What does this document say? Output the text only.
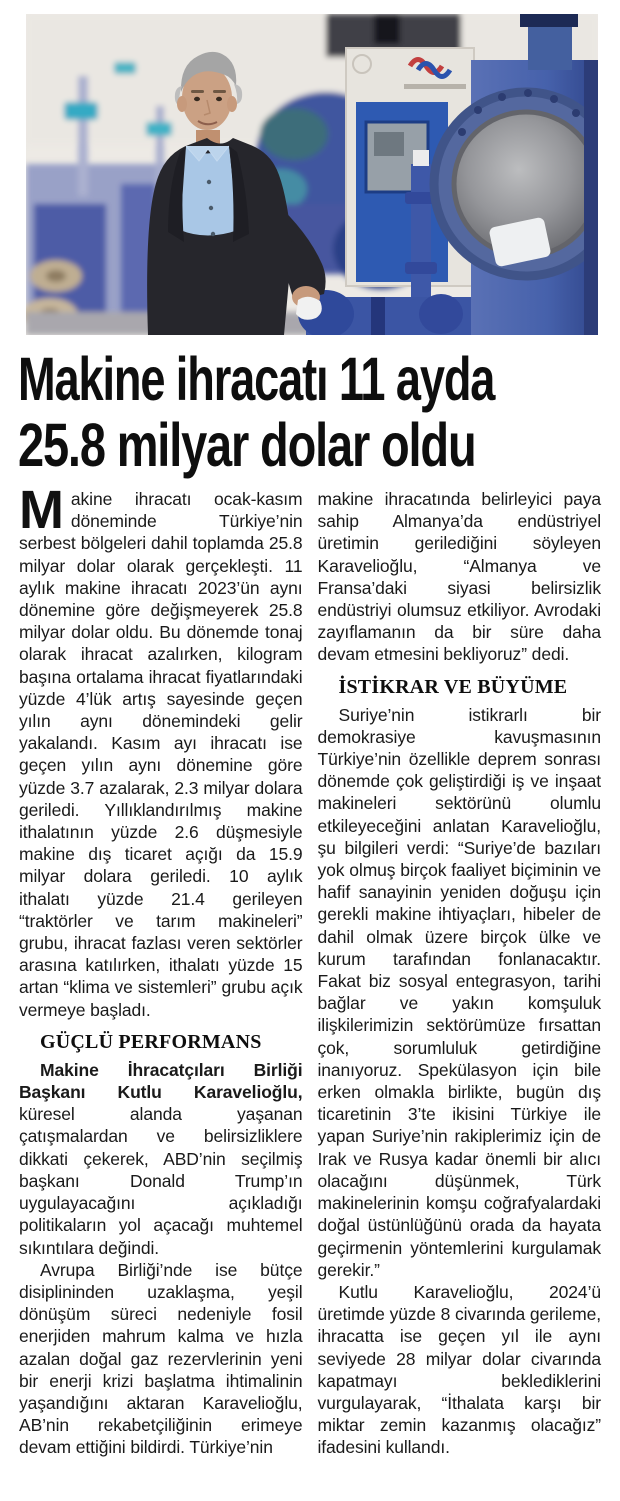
Makine ihracatı 11 ayda
25.8 milyar dolar oldu

Makine ihracatı ocak-kasım döneminde Türkiye’nin serbest bölgeleri dahil toplamda 25.8 milyar dolar olarak gerçekleşti. 11 aylık makine ihracatı 2023’ün aynı dönemine göre değişmeyerek 25.8 milyar dolar oldu. Bu dönemde tonaj olarak ihracat azalırken, kilogram başına ortalama ihracat fiyatlarındaki yüzde 4’lük artış sayesinde geçen yılın aynı dönemindeki gelir yakalandı. Kasım ayı ihracatı ise geçen yılın aynı dönemine göre yüzde 3.7 azalarak, 2.3 milyar dolara geriledi. Yıllıklandırılmış makine ithalatının yüzde 2.6 düşmesiyle makine dış ticaret açığı da 15.9 milyar dolara geriledi. 10 aylık ithalatı yüzde 21.4 gerileyen “traktörler ve tarım makineleri” grubu, ihracat fazlası veren sektörler arasına katılırken, ithalatı yüzde 15 artan “klima ve sistemleri” grubu açık vermeye başladı.

GÜÇLÜ PERFORMANS

Makine İhracatçıları Birliği Başkanı Kutlu Karavelioğlu, küresel alanda yaşanan çatışmalardan ve belirsizliklere dikkati çekerek, ABD’nin seçilmiş başkanı Donald Trump’ın uygulayacağını açıkladığı politikaların yol açacağı muhtemel sıkıntılara değindi.

Avrupa Birliği’nde ise bütçe disiplininden uzaklaşma, yeşil dönüşüm süreci nedeniyle fosil enerjiden mahrum kalma ve hızla azalan doğal gaz rezervlerinin yeni bir enerji krizi başlatma ihtimalinin yaşandığını aktaran Karavelioğlu, AB’nin rekabetçiliğinin erimeye devam ettiğini bildirdi. Türkiye’nin

makine ihracatında belirleyici paya sahip Almanya’da endüstriyel üretimin gerilediğini söyleyen Karavelioğlu, “Almanya ve Fransa’daki siyasi belirsizlik endüstriyi olumsuz etkiliyor. Avrodaki zayıflamanın da bir süre daha devam etmesini bekliyoruz” dedi.

İSTİKRAR VE BÜYÜME

Suriye’nin istikrarlı bir demokrasiye kavuşmasının Türkiye’nin özellikle deprem sonrası dönemde çok geliştirdiği iş ve inşaat makineleri sektörünü olumlu etkileyeceğini anlatan Karavelioğlu, şu bilgileri verdi: “Suriye’de bazıları yok olmuş birçok faaliyet biçiminin ve hafif sanayinin yeniden doğuşu için gerekli makine ihtiyaçları, hibeler de dahil olmak üzere birçok ülke ve kurum tarafından fonlanacaktır. Fakat biz sosyal entegrasyon, tarihi bağlar ve yakın komşuluk ilişkilerimizin sektörümüze fırsattan çok, sorumluluk getirdiğine inanıyoruz. Spekülasyon için bile erken olmakla birlikte, bugün dış ticaretinin 3’te ikisini Türkiye ile yapan Suriye’nin rakiplerimiz için de Irak ve Rusya kadar önemli bir alıcı olacağını düşünmek, Türk makinelerinin komşu coğrafyalardaki doğal üstünlüğünü orada da hayata geçirmenin yöntemlerini kurgulamak gerekir.”

Kutlu Karavelioğlu, 2024’ü üretimde yüzde 8 civarında gerileme, ihracatta ise geçen yıl ile aynı seviyede 28 milyar dolar civarında kapatmayı beklediklerini vurgulayarak, “İthalata karşı bir miktar zemin kazanmış olacağız” ifadesini kullandı.
